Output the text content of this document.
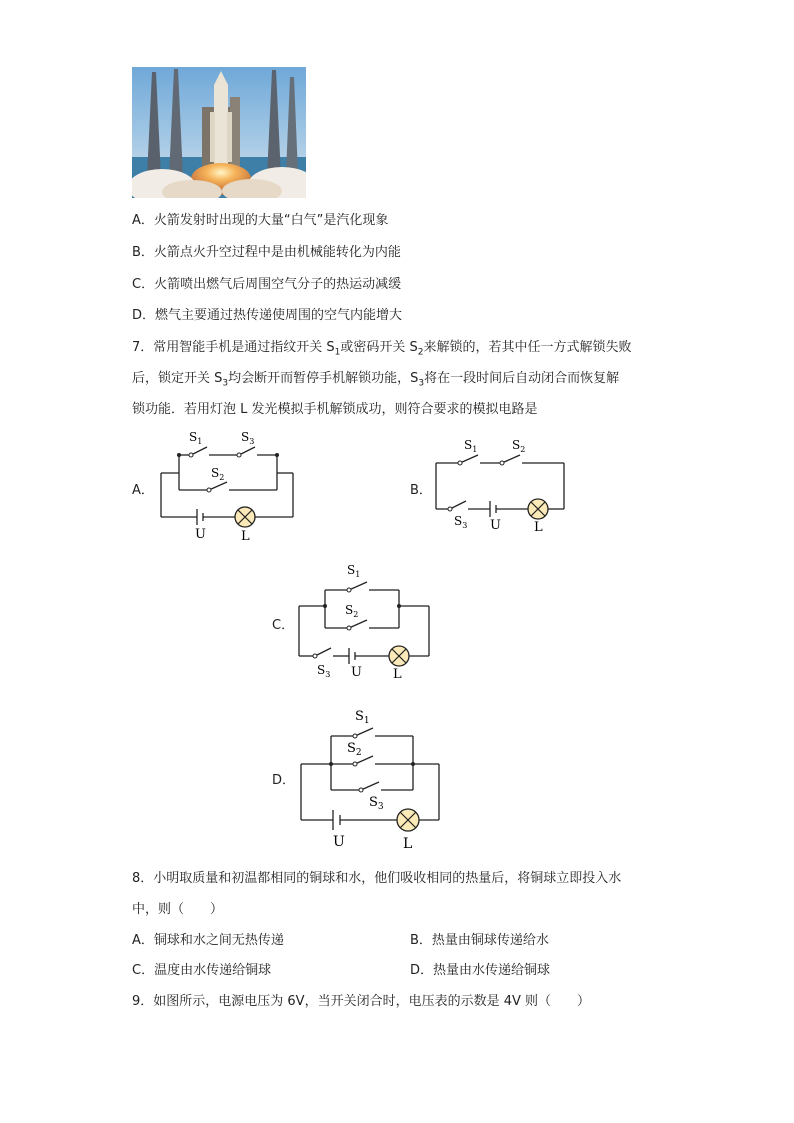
A．火箭发射时出现的大量“白气”是汽化现象
B．火箭点火升空过程中是由机械能转化为内能
C．火箭喷出燃气后周围空气分子的热运动减缓
D．燃气主要通过热传递使周围的空气内能增大
7．常用智能手机是通过指纹开关 $S_1$或密码开关 $S_2$来解锁的，若其中任一方式解锁失败
后，锁定开关 $S_3$均会断开而暂停手机解锁功能，$S_3$将在一段时间后自动闭合而恢复解
锁功能．若用灯泡 L 发光模拟手机解锁成功，则符合要求的模拟电路是
A．
$S_1$	$S_3$
$S_2$
U	L
B．
$S_1$	$S_2$
$S_3$ U	L
C．
$S_1$
$S_2$
$S_3$ U L
D．
$S_1$
$S_2$
$S_3$
U	L
8．小明取质量和初温都相同的铜球和水，他们吸收相同的热量后，将铜球立即投入水
中，则（　　）
A．铜球和水之间无热传递	B．热量由铜球传递给水
C．温度由水传递给铜球	D．热量由水传递给铜球
9．如图所示，电源电压为 6V，当开关闭合时，电压表的示数是 4V 则（　　）
